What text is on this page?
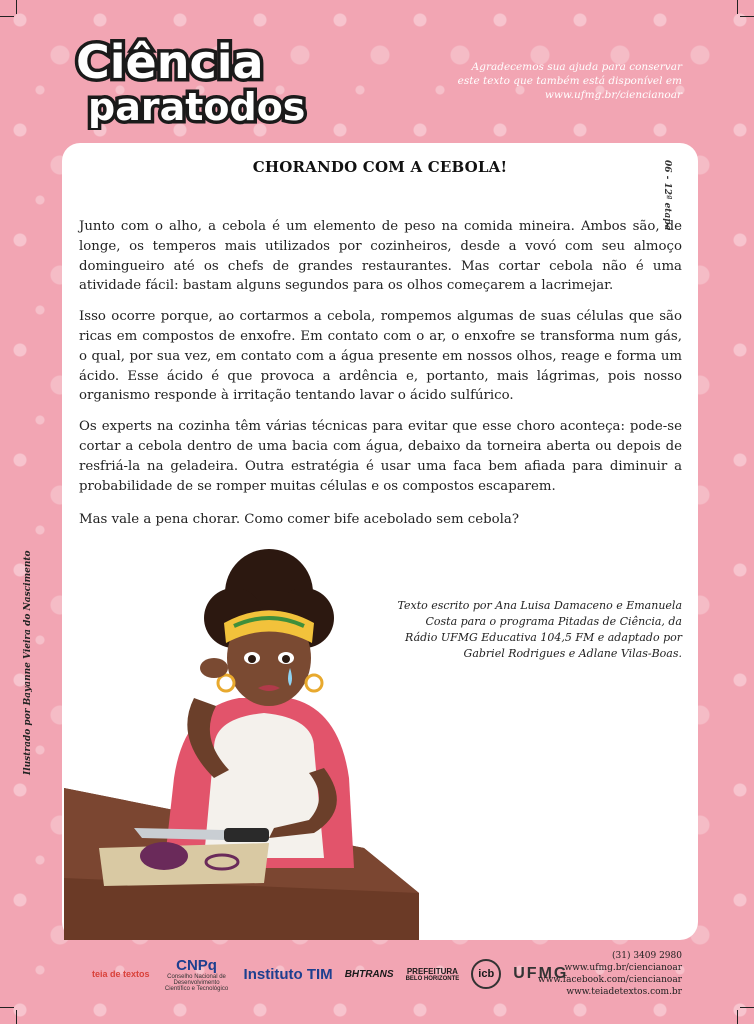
Ciência
paratodos
Agradecemos sua ajuda para conservar
este texto que também está disponível em
www.ufmg.br/ciencianoar
06 - 12ª etapa
CHORANDO COM A CEBOLA!

Junto com o alho, a cebola é um elemento de peso na comida mineira. Ambos são, de longe, os temperos mais utilizados por cozinheiros, desde a vovó com seu almoço domingueiro até os chefs de grandes restaurantes. Mas cortar cebola não é uma atividade fácil: bastam alguns segundos para os olhos começarem a lacrimejar.

Isso ocorre porque, ao cortarmos a cebola, rompemos algumas de suas células que são ricas em compostos de enxofre. Em contato com o ar, o enxofre se transforma num gás, o qual, por sua vez, em contato com a água presente em nossos olhos, reage e forma um ácido. Esse ácido é que provoca a ardência e, portanto, mais lágrimas, pois nosso organismo responde à irritação tentando lavar o ácido sulfúrico.

Os experts na cozinha têm várias técnicas para evitar que esse choro aconteça: pode-se cortar a cebola dentro de uma bacia com água, debaixo da torneira aberta ou depois de resfriá-la na geladeira. Outra estratégia é usar uma faca bem afiada para diminuir a probabilidade de se romper muitas células e os compostos escaparem.

Mas vale a pena chorar. Como comer bife acebolado sem cebola?
Texto escrito por Ana Luisa Damaceno e Emanuela
Costa para o programa Pitadas de Ciência, da
Rádio UFMG Educativa 104,5 FM e adaptado por
Gabriel Rodrigues e Adlane Vilas-Boas.
Ilustrado por Bayanne Vieira do Nascimento
teia de textos
CNPq
Conselho Nacional de Desenvolvimento Científico e Tecnológico
Instituto TIM BHTRANS PREFEITURA
BELO HORIZONTE	icb	UFMG
(31) 3409 2980
www.ufmg.br/ciencianoar
www.facebook.com/ciencianoar
www.teiadetextos.com.br
